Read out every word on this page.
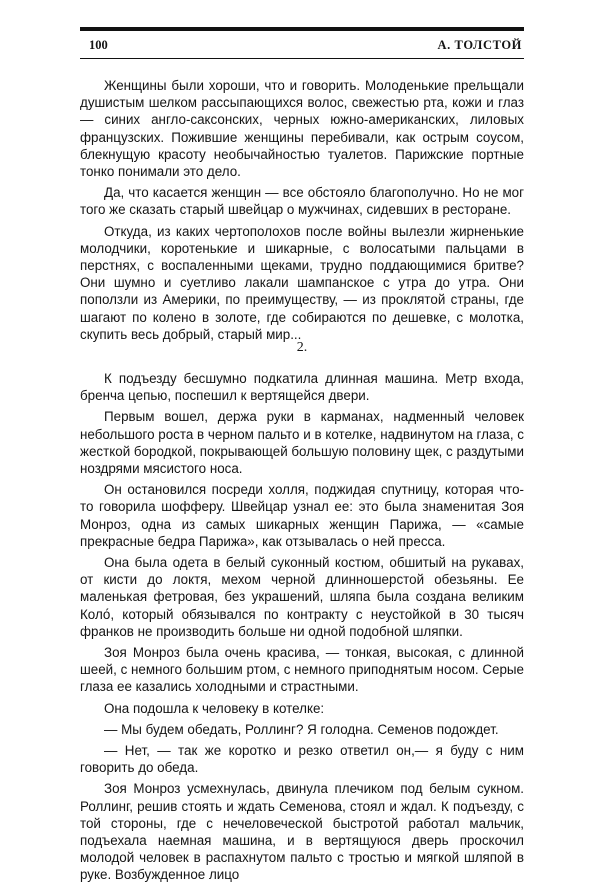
100	А. ТОЛСТОЙ

Женщины были хороши, что и говорить. Молоденькие прельщали душистым шелком рассыпающихся волос, свежестью рта, кожи и глаз — синих англо-саксонских, черных южно-американских, лиловых французских. Пожившие женщины перебивали, как острым соусом, блекнущую красоту необычайностью туалетов. Парижские портные тонко понимали это дело.

Да, что касается женщин — все обстояло благополучно. Но не мог того же сказать старый швейцар о мужчинах, сидевших в ресторане.

Откуда, из каких чертополохов после войны вылезли жирненькие молодчики, коротенькие и шикарные, с волосатыми пальцами в перстнях, с воспаленными щеками, трудно поддающимися бритве? Они шумно и суетливо лакали шампанское с утра до утра. Они поползли из Америки, по преимуществу, — из проклятой страны, где шагают по колено в золоте, где собираются по дешевке, с молотка, скупить весь добрый, старый мир...

2.

К подъезду бесшумно подкатила длинная машина. Метр входа, бренча цепью, поспешил к вертящейся двери.

Первым вошел, держа руки в карманах, надменный человек небольшого роста в черном пальто и в котелке, надвинутом на глаза, с жесткой бородкой, покрывающей большую половину щек, с раздутыми ноздрями мясистого носа.

Он остановился посреди холля, поджидая спутницу, которая что-то говорила шофферу. Швейцар узнал ее: это была знаменитая Зоя Монроз, одна из самых шикарных женщин Парижа, — «самые прекрасные бедра Парижа», как отзывалась о ней пресса.

Она была одета в белый суконный костюм, обшитый на рукавах, от кисти до локтя, мехом черной длинношерстой обезьяны. Ее маленькая фетровая, без украшений, шляпа была создана великим Коло́, который обязывался по контракту с неустойкой в 30 тысяч франков не производить больше ни одной подобной шляпки.

Зоя Монроз была очень красива, — тонкая, высокая, с длинной шеей, с немного большим ртом, с немного приподнятым носом. Серые глаза ее казались холодными и страстными.

Она подошла к человеку в котелке:

— Мы будем обедать, Роллинг? Я голодна. Семенов подождет.

— Нет, — так же коротко и резко ответил он,— я буду с ним говорить до обеда.

Зоя Монроз усмехнулась, двинула плечиком под белым сукном. Роллинг, решив стоять и ждать Семенова, стоял и ждал. К подъезду, с той стороны, где с нечеловеческой быстротой работал мальчик, подъехала наемная машина, и в вертящуюся дверь проскочил молодой человек в распахнутом пальто с тростью и мягкой шляпой в руке. Возбужденное лицо
